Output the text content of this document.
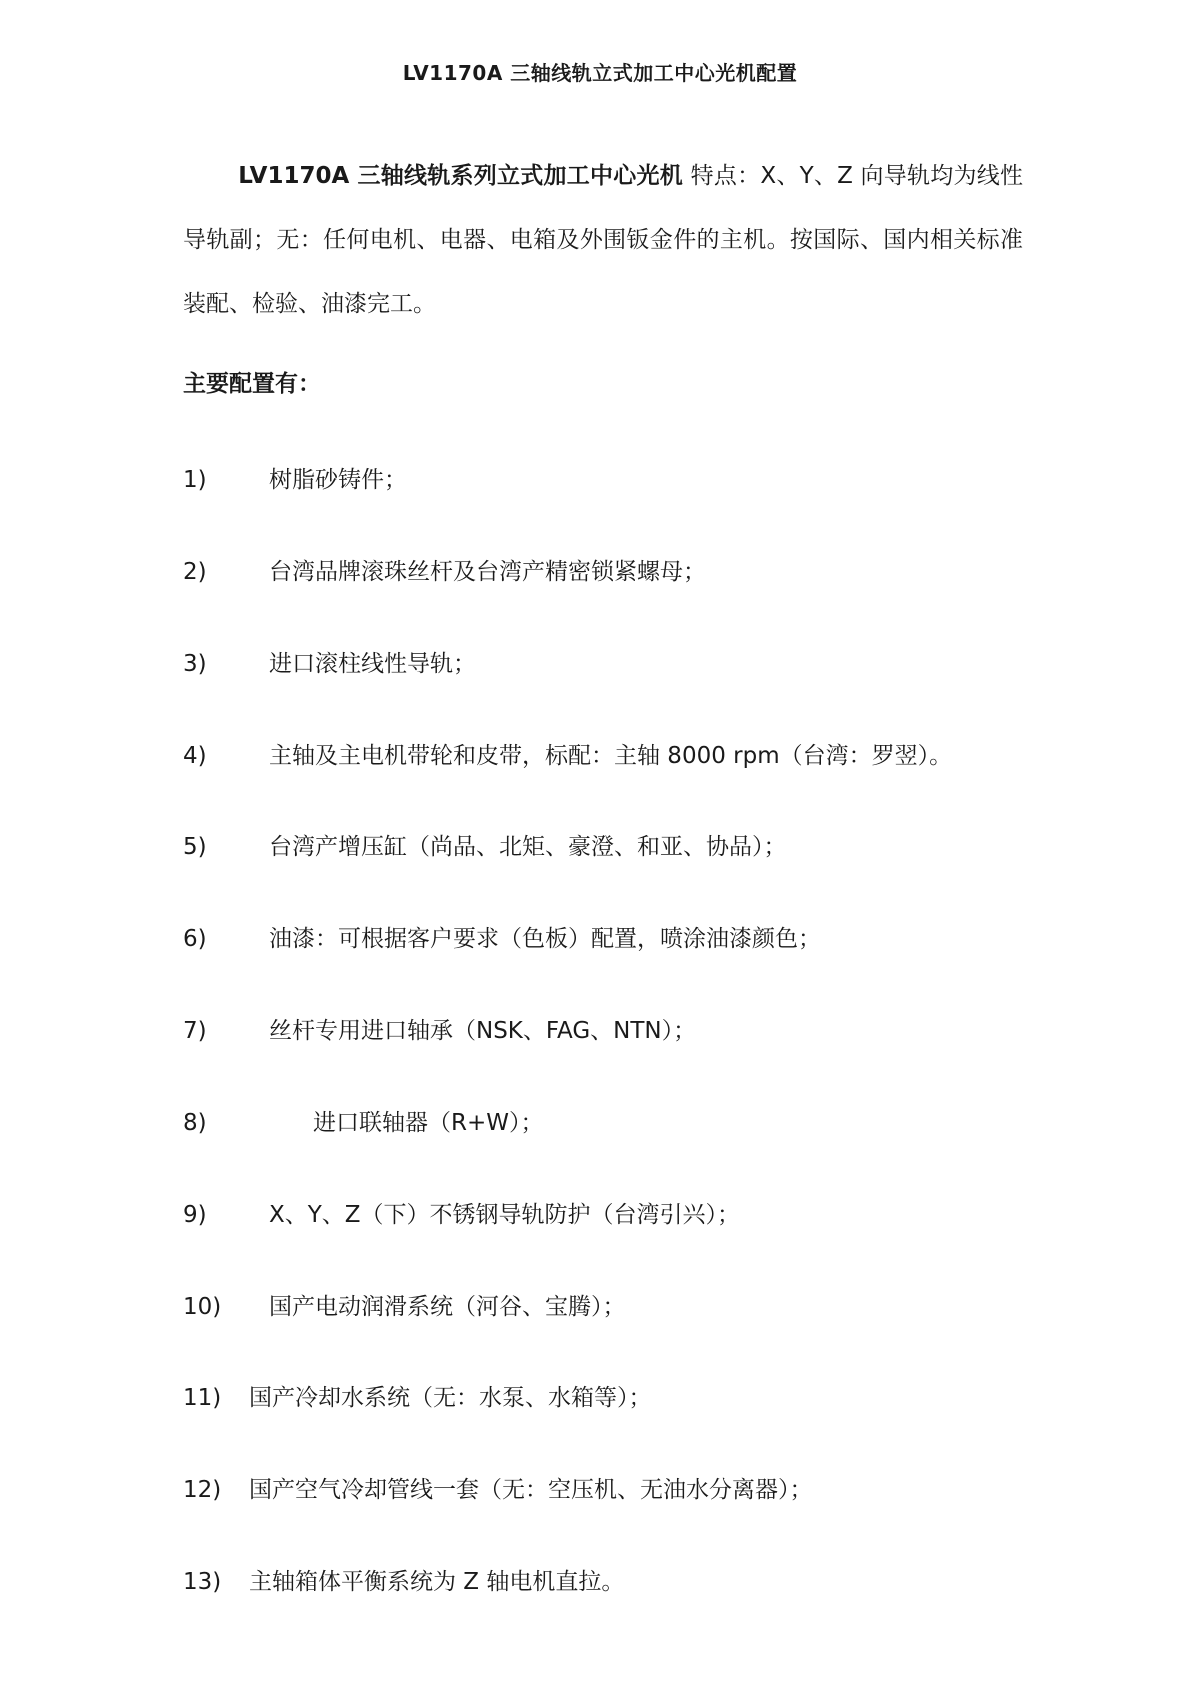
LV1170A 三轴线轨立式加工中心光机配置
LV1170A 三轴线轨系列立式加工中心光机 特点：X、Y、Z 向导轨均为线性导轨副；无：任何电机、电器、电箱及外围钣金件的主机。按国际、国内相关标准装配、检验、油漆完工。
主要配置有：
1)	树脂砂铸件；
2)	台湾品牌滚珠丝杆及台湾产精密锁紧螺母；
3)	进口滚柱线性导轨；
4)	主轴及主电机带轮和皮带，标配：主轴 8000 rpm（台湾：罗翌）。
5)	台湾产增压缸（尚品、北矩、豪澄、和亚、协品）；
6)	油漆：可根据客户要求（色板）配置，喷涂油漆颜色；
7)	丝杆专用进口轴承（NSK、FAG、NTN）；
8)	进口联轴器（R+W）；
9)	X、Y、Z（下）不锈钢导轨防护（台湾引兴）；
10) 国产电动润滑系统（河谷、宝腾）；
11) 国产冷却水系统（无：水泵、水箱等）；
12) 国产空气冷却管线一套（无：空压机、无油水分离器）；
13) 主轴箱体平衡系统为 Z 轴电机直拉。
